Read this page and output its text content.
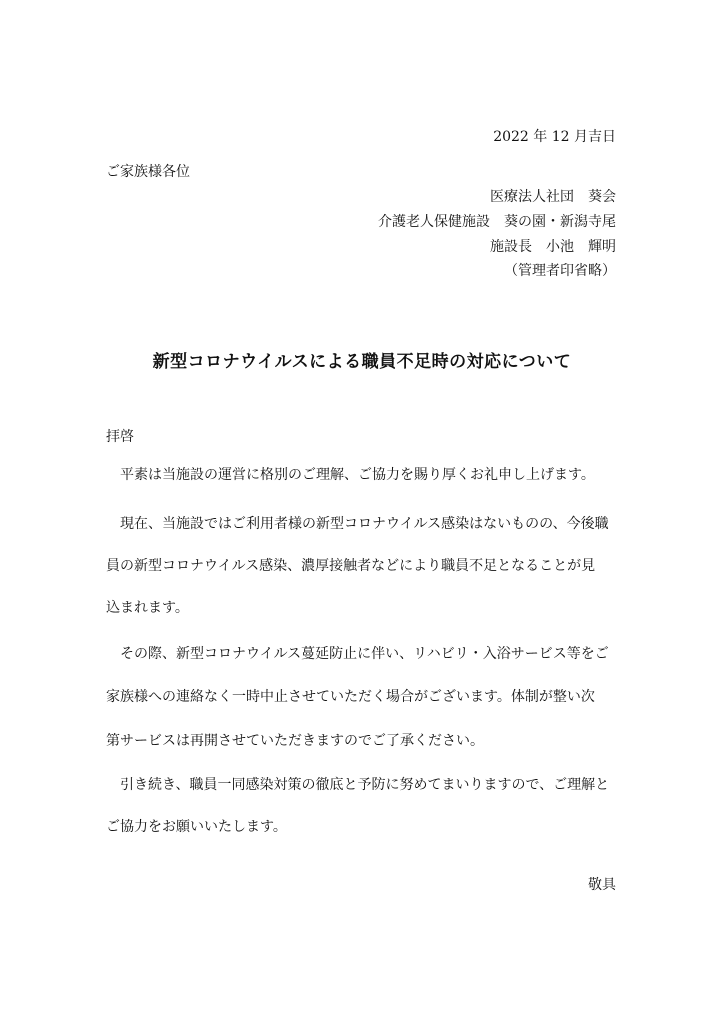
2022 年 12 月吉日

ご家族様各位

医療法人社団　葵会

介護老人保健施設　葵の園・新潟寺尾

施設長　小池　輝明

（管理者印省略）

新型コロナウイルスによる職員不足時の対応について

拝啓

　平素は当施設の運営に格別のご理解、ご協力を賜り厚くお礼申し上げます。

　現在、当施設ではご利用者様の新型コロナウイルス感染はないものの、今後職

員の新型コロナウイルス感染、濃厚接触者などにより職員不足となることが見

込まれます。

　その際、新型コロナウイルス蔓延防止に伴い、リハビリ・入浴サービス等をご

家族様への連絡なく一時中止させていただく場合がございます。体制が整い次

第サービスは再開させていただきますのでご了承ください。

　引き続き、職員一同感染対策の徹底と予防に努めてまいりますので、ご理解と

ご協力をお願いいたします。

敬具
